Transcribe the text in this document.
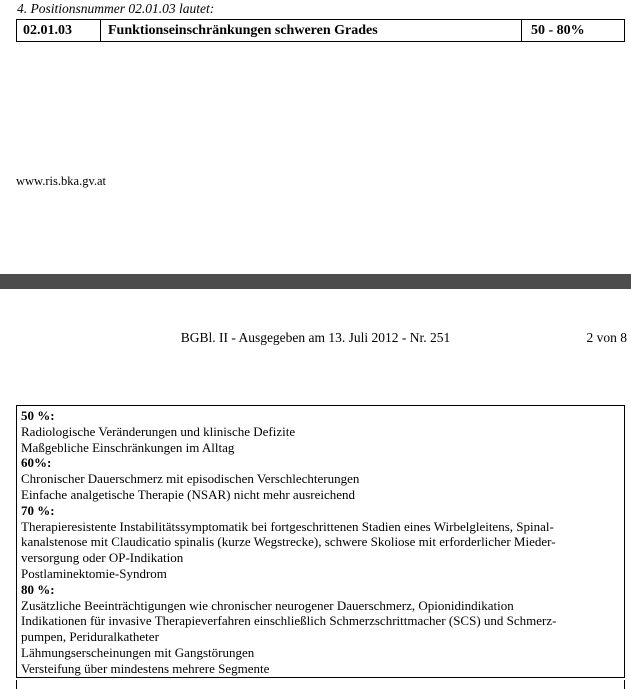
4. Positionsnummer 02.01.03 lautet:
02.01.03	Funktionseinschränkungen schweren Grades	50 - 80%
www.ris.bka.gv.at
BGBl. II - Ausgegeben am 13. Juli 2012 - Nr. 251	2 von 8
50 %:
Radiologische Veränderungen und klinische Defizite
Maßgebliche Einschränkungen im Alltag
60%:
Chronischer Dauerschmerz mit episodischen Verschlechterungen
Einfache analgetische Therapie (NSAR) nicht mehr ausreichend
70 %:
Therapieresistente Instabilitätssymptomatik bei fortgeschrittenen Stadien eines Wirbelgleitens, Spinal-
kanalstenose mit Claudicatio spinalis (kurze Wegstrecke), schwere Skoliose mit erforderlicher Mieder-
versorgung oder OP-Indikation
Postlaminektomie-Syndrom
80 %:
Zusätzliche Beeinträchtigungen wie chronischer neurogener Dauerschmerz, Opionidindikation
Indikationen für invasive Therapieverfahren einschließlich Schmerzschrittmacher (SCS) und Schmerz-
pumpen, Periduralkatheter
Lähmungserscheinungen mit Gangstörungen
Versteifung über mindestens mehrere Segmente
